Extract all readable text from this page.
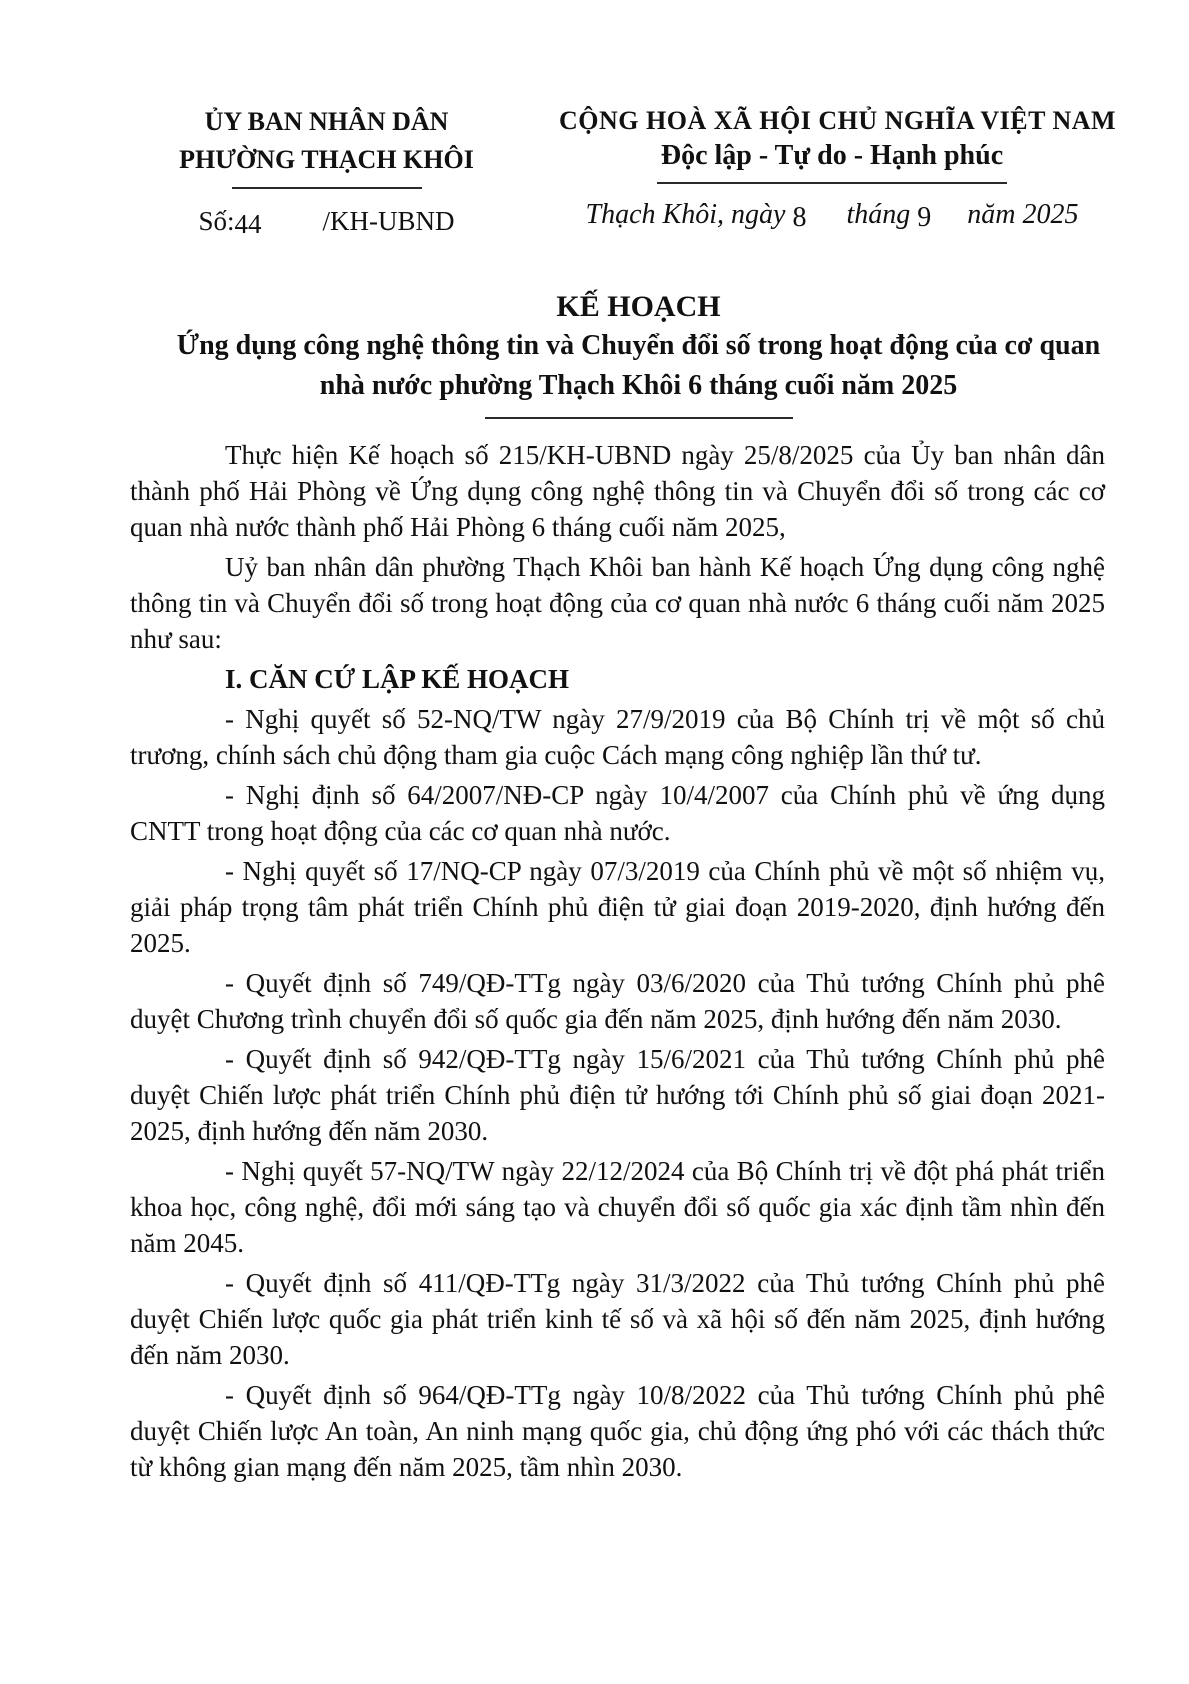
ỦY BAN NHÂN DÂN
PHƯỜNG THẠCH KHÔI
Số:44 /KH-UBND
CỘNG HOÀ XÃ HỘI CHỦ NGHĨA VIỆT NAM
Độc lập - Tự do - Hạnh phúc
Thạch Khôi, ngày 8 tháng 9 năm 2025
KẾ HOẠCH
Ứng dụng công nghệ thông tin và Chuyển đổi số trong hoạt động của cơ quan nhà nước phường Thạch Khôi 6 tháng cuối năm 2025

Thực hiện Kế hoạch số 215/KH-UBND ngày 25/8/2025 của Ủy ban nhân dân thành phố Hải Phòng về Ứng dụng công nghệ thông tin và Chuyển đổi số trong các cơ quan nhà nước thành phố Hải Phòng 6 tháng cuối năm 2025,

Uỷ ban nhân dân phường Thạch Khôi ban hành Kế hoạch Ứng dụng công nghệ thông tin và Chuyển đổi số trong hoạt động của cơ quan nhà nước 6 tháng cuối năm 2025 như sau:

I. CĂN CỨ LẬP KẾ HOẠCH

- Nghị quyết số 52-NQ/TW ngày 27/9/2019 của Bộ Chính trị về một số chủ trương, chính sách chủ động tham gia cuộc Cách mạng công nghiệp lần thứ tư.

- Nghị định số 64/2007/NĐ-CP ngày 10/4/2007 của Chính phủ về ứng dụng CNTT trong hoạt động của các cơ quan nhà nước.

- Nghị quyết số 17/NQ-CP ngày 07/3/2019 của Chính phủ về một số nhiệm vụ, giải pháp trọng tâm phát triển Chính phủ điện tử giai đoạn 2019-2020, định hướng đến 2025.

- Quyết định số 749/QĐ-TTg ngày 03/6/2020 của Thủ tướng Chính phủ phê duyệt Chương trình chuyển đổi số quốc gia đến năm 2025, định hướng đến năm 2030.

- Quyết định số 942/QĐ-TTg ngày 15/6/2021 của Thủ tướng Chính phủ phê duyệt Chiến lược phát triển Chính phủ điện tử hướng tới Chính phủ số giai đoạn 2021-2025, định hướng đến năm 2030.

- Nghị quyết 57-NQ/TW ngày 22/12/2024 của Bộ Chính trị về đột phá phát triển khoa học, công nghệ, đổi mới sáng tạo và chuyển đổi số quốc gia xác định tầm nhìn đến năm 2045.

- Quyết định số 411/QĐ-TTg ngày 31/3/2022 của Thủ tướng Chính phủ phê duyệt Chiến lược quốc gia phát triển kinh tế số và xã hội số đến năm 2025, định hướng đến năm 2030.

- Quyết định số 964/QĐ-TTg ngày 10/8/2022 của Thủ tướng Chính phủ phê duyệt Chiến lược An toàn, An ninh mạng quốc gia, chủ động ứng phó với các thách thức từ không gian mạng đến năm 2025, tầm nhìn 2030.
